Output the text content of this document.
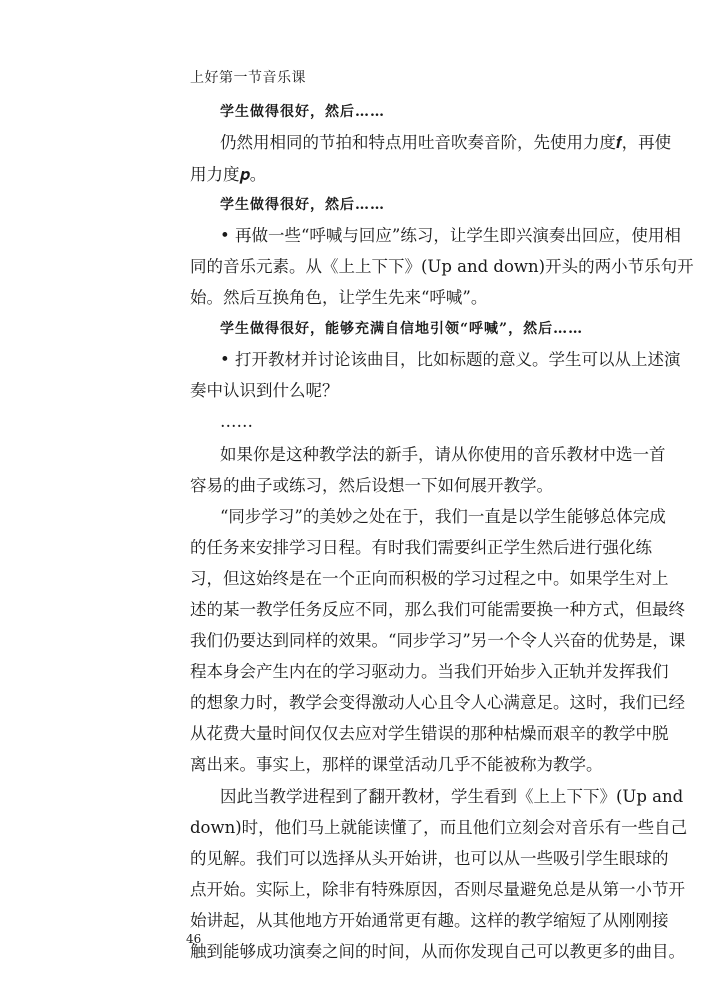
上好第一节音乐课
学生做得很好，然后……
仍然用相同的节拍和特点用吐音吹奏音阶，先使用力度𝒇，再使
用力度𝒑。
学生做得很好，然后……
• 再做一些“呼喊与回应”练习，让学生即兴演奏出回应，使用相
同的音乐元素。从《上上下下》(Up and down)开头的两小节乐句开
始。然后互换角色，让学生先来“呼喊”。
学生做得很好，能够充满自信地引领“呼喊”，然后……
• 打开教材并讨论该曲目，比如标题的意义。学生可以从上述演
奏中认识到什么呢？
……
如果你是这种教学法的新手，请从你使用的音乐教材中选一首
容易的曲子或练习，然后设想一下如何展开教学。
“同步学习”的美妙之处在于，我们一直是以学生能够总体完成
的任务来安排学习日程。有时我们需要纠正学生然后进行强化练
习，但这始终是在一个正向而积极的学习过程之中。如果学生对上
述的某一教学任务反应不同，那么我们可能需要换一种方式，但最终
我们仍要达到同样的效果。“同步学习”另一个令人兴奋的优势是，课
程本身会产生内在的学习驱动力。当我们开始步入正轨并发挥我们
的想象力时，教学会变得激动人心且令人心满意足。这时，我们已经
从花费大量时间仅仅去应对学生错误的那种枯燥而艰辛的教学中脱
离出来。事实上，那样的课堂活动几乎不能被称为教学。
因此当教学进程到了翻开教材，学生看到《上上下下》(Up and
down)时，他们马上就能读懂了，而且他们立刻会对音乐有一些自己
的见解。我们可以选择从头开始讲，也可以从一些吸引学生眼球的
点开始。实际上，除非有特殊原因，否则尽量避免总是从第一小节开
始讲起，从其他地方开始通常更有趣。这样的教学缩短了从刚刚接
触到能够成功演奏之间的时间，从而你发现自己可以教更多的曲目。
46
